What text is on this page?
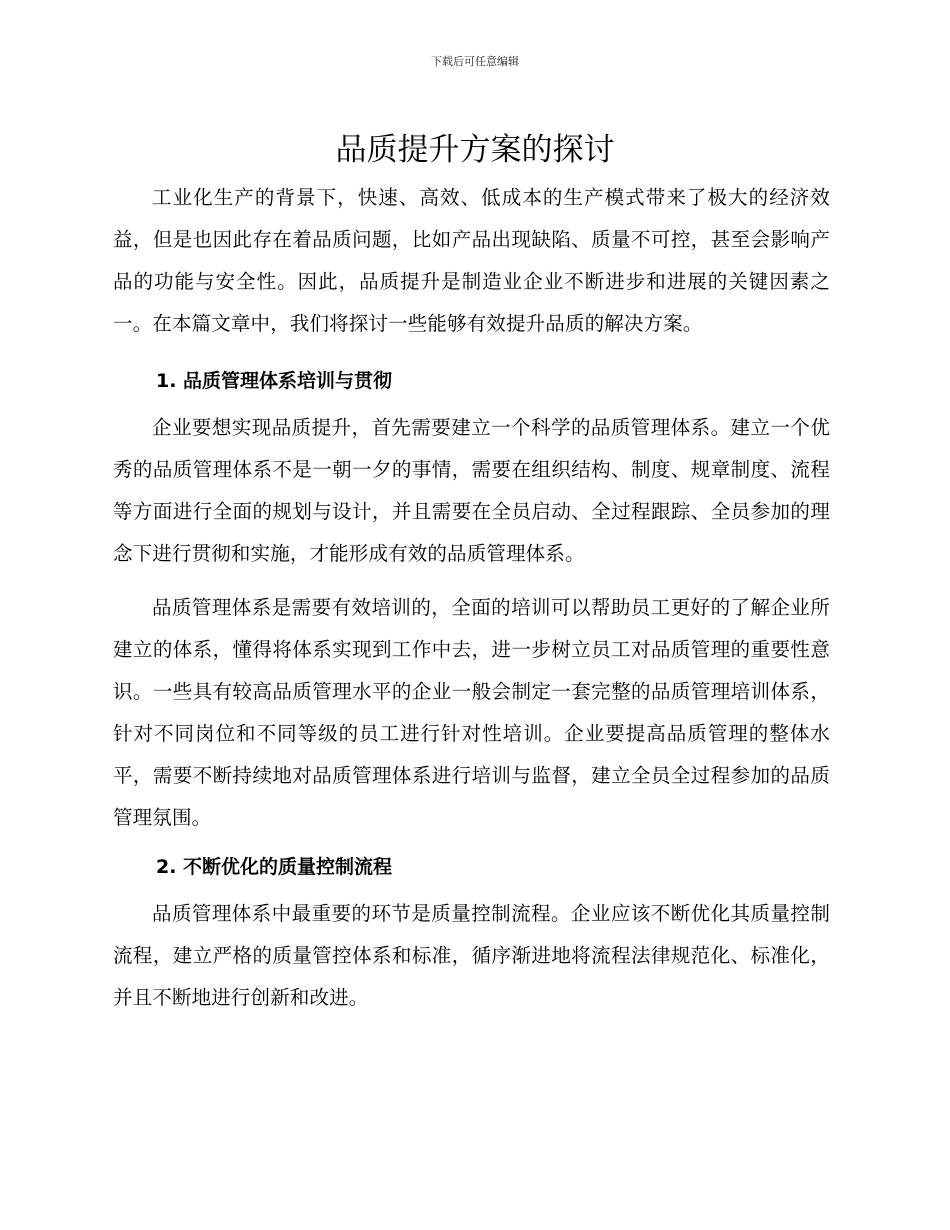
下载后可任意编辑
品质提升方案的探讨

工业化生产的背景下，快速、高效、低成本的生产模式带来了极大的经济效益，但是也因此存在着品质问题，比如产品出现缺陷、质量不可控，甚至会影响产品的功能与安全性。因此，品质提升是制造业企业不断进步和进展的关键因素之一。在本篇文章中，我们将探讨一些能够有效提升品质的解决方案。

1. 品质管理体系培训与贯彻

企业要想实现品质提升，首先需要建立一个科学的品质管理体系。建立一个优秀的品质管理体系不是一朝一夕的事情，需要在组织结构、制度、规章制度、流程等方面进行全面的规划与设计，并且需要在全员启动、全过程跟踪、全员参加的理念下进行贯彻和实施，才能形成有效的品质管理体系。

品质管理体系是需要有效培训的，全面的培训可以帮助员工更好的了解企业所建立的体系，懂得将体系实现到工作中去，进一步树立员工对品质管理的重要性意识。一些具有较高品质管理水平的企业一般会制定一套完整的品质管理培训体系，针对不同岗位和不同等级的员工进行针对性培训。企业要提高品质管理的整体水平，需要不断持续地对品质管理体系进行培训与监督，建立全员全过程参加的品质管理氛围。

2. 不断优化的质量控制流程

品质管理体系中最重要的环节是质量控制流程。企业应该不断优化其质量控制流程，建立严格的质量管控体系和标准，循序渐进地将流程法律规范化、标准化，并且不断地进行创新和改进。
